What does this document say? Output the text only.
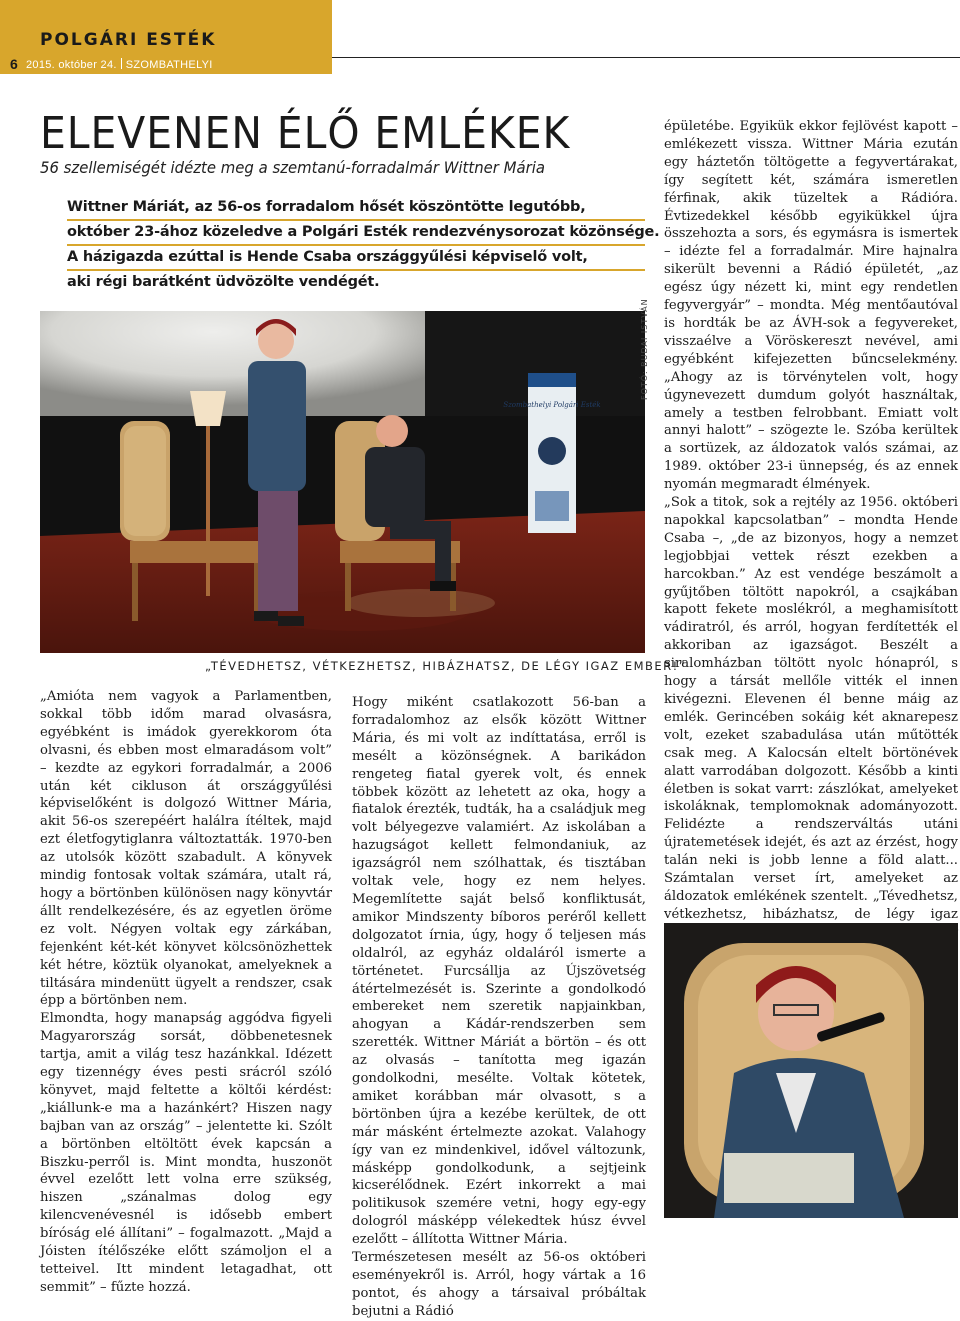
POLGÁRI ESTÉK
6 2015. október 24. SZOMBATHELYI 7
ELEVENEN ÉLŐ EMLÉKEK
56 szellemiségét idézte meg a szemtanú-forradalmár Wittner Mária
Wittner Máriát, az 56-os forradalom hősét köszöntötte legutóbb,
október 23-ához közeledve a Polgári Esték rendezvénysorozat közönsége.
A házigazda ezúttal is Hende Csaba országgyűlési képviselő volt,
aki régi barátként üdvözölte vendégét.
Szombathelyi Polgári Esték
FOTÓ: BUDAI ISTVÁN
„TÉVEDHETSZ, VÉTKEZHETSZ, HIBÁZHATSZ, DE LÉGY IGAZ EMBER!”

„Amióta nem vagyok a Parlamentben, sokkal több időm marad olvasásra, egyébként is imádok gyerekkorom óta olvasni, és ebben most elmaradásom volt” – kezdte az egykori forradalmár, a 2006 után két cikluson át országgyűlési képviselőként is dolgozó Wittner Mária, akit 56-os szerepéért halálra ítéltek, majd ezt életfogytiglanra változtatták. 1970-ben az utolsók között szabadult. A könyvek mindig fontosak voltak számára, utalt rá, hogy a börtönben különösen nagy könyvtár állt rendelkezésére, és az egyetlen öröme ez volt. Négyen voltak egy zárkában, fejenként két-két könyvet kölcsönözhettek két hétre, köztük olyanokat, amelyeknek a tiltására mindenütt ügyelt a rendszer, csak épp a börtönben nem.

Elmondta, hogy manapság aggódva figyeli Magyarország sorsát, döbbenetesnek tartja, amit a világ tesz hazánkkal. Idézett egy tizennégy éves pesti srácról szóló könyvet, majd feltette a költői kérdést: „kiállunk-e ma a hazánkért? Hiszen nagy bajban van az ország” – jelentette ki. Szólt a börtönben eltöltött évek kapcsán a Biszku-perről is. Mint mondta, huszonöt évvel ezelőtt lett volna erre szükség, hiszen „szánalmas dolog egy kilencvenévesnél is idősebb embert bíróság elé állítani” – fogalmazott. „Majd a Jóisten ítélőszéke előtt számoljon el a tetteivel. Itt mindent letagadhat, ott semmit” – fűzte hozzá.

Hogy miként csatlakozott 56-ban a forradalomhoz az elsők között Wittner Mária, és mi volt az indíttatása, erről is mesélt a közönségnek. A barikádon rengeteg fiatal gyerek volt, és ennek többek között az lehetett az oka, hogy a fiatalok érezték, tudták, ha a családjuk meg volt bélyegezve valamiért. Az iskolában a hazugságot kellett felmondaniuk, az igazságról nem szólhattak, és tisztában voltak vele, hogy ez nem helyes. Megemlítette saját belső konfliktusát, amikor Mindszenty bíboros peréről kellett dolgozatot írnia, úgy, hogy ő teljesen más oldalról, az egyház oldaláról ismerte a történetet. Furcsállja az Újszövetség átértelmezését is. Szerinte a gondolkodó embereket nem szeretik napjainkban, ahogyan a Kádár-rendszerben sem szerették. Wittner Máriát a börtön – és ott az olvasás – tanította meg igazán gondolkodni, mesélte. Voltak kötetek, amiket korábban már olvasott, s a börtönben újra a kezébe kerültek, de ott már másként értelmezte azokat. Valahogy így van ez mindenkivel, idővel változunk, másképp gondolkodunk, a sejtjeink kicserélődnek. Ezért inkorrekt a mai politikusok szemére vetni, hogy egy-egy dologról másképp vélekedtek húsz évvel ezelőtt – állította Wittner Mária.

Természetesen mesélt az 56-os októberi eseményekről is. Arról, hogy vártak a 16 pontot, és ahogy a társaival próbáltak bejutni a Rádió

épületébe. Egyikük ekkor fejlövést kapott – emlékezett vissza. Wittner Mária ezután egy háztetőn töltögette a fegyvertárakat, így segített két, számára ismeretlen férfinak, akik tüzeltek a Rádióra. Évtizedekkel később egyikükkel újra összehozta a sors, és egymásra is ismertek – idézte fel a forradalmár. Mire hajnalra sikerült bevenni a Rádió épületét, „az egész úgy nézett ki, mint egy rendetlen fegyvergyár” – mondta. Még mentőautóval is hordták be az ÁVH-sok a fegyvereket, visszaélve a Vöröskereszt nevével, ami egyébként kifejezetten bűncselekmény. „Ahogy az is törvénytelen volt, hogy úgynevezett dumdum golyót használtak, amely a testben felrobbant. Emiatt volt annyi halott” – szögezte le. Szóba kerültek a sortüzek, az áldozatok valós számai, az 1989. október 23-i ünnepség, és az ennek nyomán megmaradt élmények.

„Sok a titok, sok a rejtély az 1956. októberi napokkal kapcsolatban” – mondta Hende Csaba –, „de az bizonyos, hogy a nemzet legjobbjai vettek részt ezekben a harcokban.” Az est vendége beszámolt a gyűjtőben töltött napokról, a csajkában kapott fekete moslékról, a meghamisított vádiratról, és arról, hogyan ferdítették el akkoriban az igazságot. Beszélt a siralomházban töltött nyolc hónapról, s hogy a társát mellőle vitték el innen kivégezni. Elevenen él benne máig az emlék. Gerincében sokáig két aknarepesz volt, ezeket szabadulása után műtötték csak meg. A Kalocsán eltelt börtönévek alatt varrodában dolgozott. Később a kinti életben is sokat varrt: zászlókat, amelyeket iskoláknak, templomoknak adományozott. Felidézte a rendszerváltás utáni újratemetések idejét, és azt az érzést, hogy talán neki is jobb lenne a föld alatt... Számtalan verset írt, amelyeket az áldozatok emlékének szentelt. „Tévedhetsz, vétkezhetsz, hibázhatsz, de légy igaz
